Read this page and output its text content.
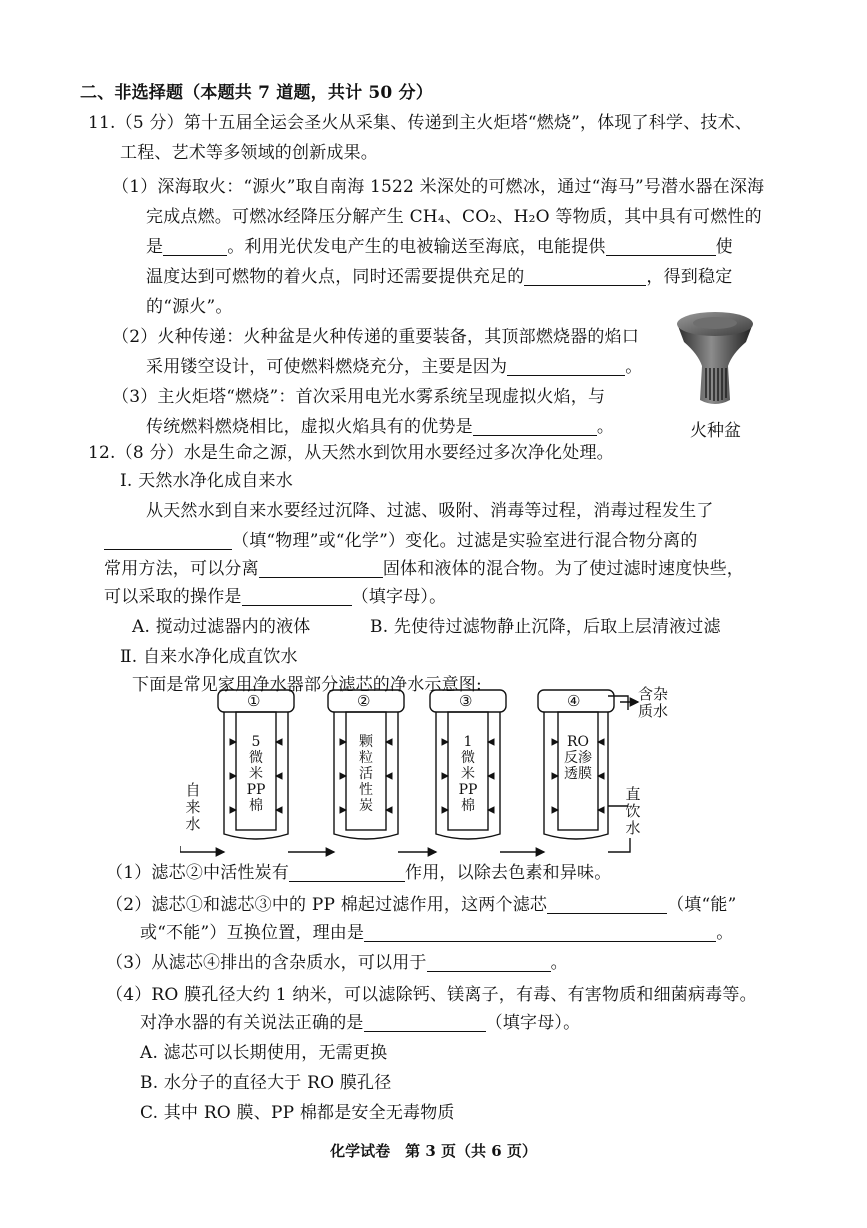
二、非选择题（本题共 7 道题，共计 50 分）
11.（5 分）第十五届全运会圣火从采集、传递到主火炬塔“燃烧”，体现了科学、技术、
工程、艺术等多领域的创新成果。
（1）深海取火：“源火”取自南海 1522 米深处的可燃冰，通过“海马”号潜水器在深海
完成点燃。可燃冰经降压分解产生 CH₄、CO₂、H₂O 等物质，其中具有可燃性的
是	。利用光伏发电产生的电被输送至海底，电能提供	使
温度达到可燃物的着火点，同时还需要提供充足的	，得到稳定
的“源火”。
（2）火种传递：火种盆是火种传递的重要装备，其顶部燃烧器的焰口
采用镂空设计，可使燃料燃烧充分，主要是因为	。
（3）主火炬塔“燃烧”：首次采用电光水雾系统呈现虚拟火焰，与
传统燃料燃烧相比，虚拟火焰具有的优势是	。	火种盆
12.（8 分）水是生命之源，从天然水到饮用水要经过多次净化处理。
Ⅰ. 天然水净化成自来水
从天然水到自来水要经过沉降、过滤、吸附、消毒等过程，消毒过程发生了
（填“物理”或“化学”）变化。过滤是实验室进行混合物分离的
常用方法，可以分离	固体和液体的混合物。为了使过滤时速度快些，
可以采取的操作是	（填字母）。
A. 搅动过滤器内的液体	B. 先使待过滤物静止沉降，后取上层清液过滤
Ⅱ. 自来水净化成直饮水
下面是常见家用净水器部分滤芯的净水示意图:
①	②	③	④
5微米PP棉
颗粒活性炭
1微米PP棉
RO反渗透膜
自来水
含杂质水
直饮水
（1）滤芯②中活性炭有	作用，以除去色素和异味。
（2）滤芯①和滤芯③中的 PP 棉起过滤作用，这两个滤芯	（填“能”
或“不能”）互换位置，理由是	。
（3）从滤芯④排出的含杂质水，可以用于	。
（4）RO 膜孔径大约 1 纳米，可以滤除钙、镁离子，有毒、有害物质和细菌病毒等。
对净水器的有关说法正确的是	（填字母）。
A. 滤芯可以长期使用，无需更换
B. 水分子的直径大于 RO 膜孔径
C. 其中 RO 膜、PP 棉都是安全无毒物质
化学试卷　第 3 页（共 6 页）
